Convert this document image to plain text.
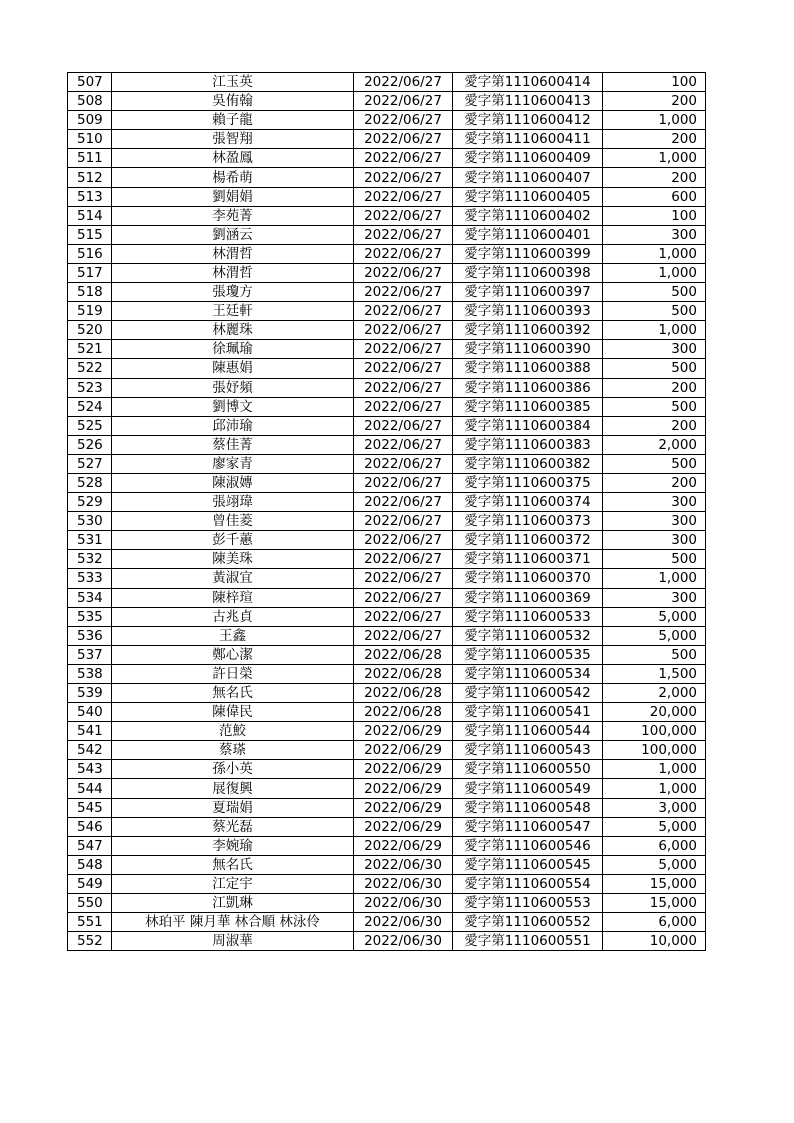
507	江玉英	2022/06/27	愛字第1110600414	100
508	吳侑翰	2022/06/27	愛字第1110600413	200
509	賴子龍	2022/06/27	愛字第1110600412	1,000
510	張智翔	2022/06/27	愛字第1110600411	200
511	林盈鳳	2022/06/27	愛字第1110600409	1,000
512	楊希萌	2022/06/27	愛字第1110600407	200
513	劉娟娟	2022/06/27	愛字第1110600405	600
514	李苑菁	2022/06/27	愛字第1110600402	100
515	劉涵云	2022/06/27	愛字第1110600401	300
516	林渭哲	2022/06/27	愛字第1110600399	1,000
517	林渭哲	2022/06/27	愛字第1110600398	1,000
518	張瓊方	2022/06/27	愛字第1110600397	500
519	王廷軒	2022/06/27	愛字第1110600393	500
520	林麗珠	2022/06/27	愛字第1110600392	1,000
521	徐珮瑜	2022/06/27	愛字第1110600390	300
522	陳惠娟	2022/06/27	愛字第1110600388	500
523	張妤頻	2022/06/27	愛字第1110600386	200
524	劉博文	2022/06/27	愛字第1110600385	500
525	邱沛瑜	2022/06/27	愛字第1110600384	200
526	蔡佳菁	2022/06/27	愛字第1110600383	2,000
527	廖家青	2022/06/27	愛字第1110600382	500
528	陳淑嫥	2022/06/27	愛字第1110600375	200
529	張翊瑋	2022/06/27	愛字第1110600374	300
530	曾佳菱	2022/06/27	愛字第1110600373	300
531	彭千蕙	2022/06/27	愛字第1110600372	300
532	陳美珠	2022/06/27	愛字第1110600371	500
533	黃淑宜	2022/06/27	愛字第1110600370	1,000
534	陳梓瑄	2022/06/27	愛字第1110600369	300
535	古兆貞	2022/06/27	愛字第1110600533	5,000
536	王鑫	2022/06/27	愛字第1110600532	5,000
537	鄭心潔	2022/06/28	愛字第1110600535	500
538	許日榮	2022/06/28	愛字第1110600534	1,500
539	無名氏	2022/06/28	愛字第1110600542	2,000
540	陳偉民	2022/06/28	愛字第1110600541	20,000
541	范鮫	2022/06/29	愛字第1110600544	100,000
542	蔡瑹	2022/06/29	愛字第1110600543	100,000
543	孫小英	2022/06/29	愛字第1110600550	1,000
544	展復興	2022/06/29	愛字第1110600549	1,000
545	夏瑞娟	2022/06/29	愛字第1110600548	3,000
546	蔡光磊	2022/06/29	愛字第1110600547	5,000
547	李婉瑜	2022/06/29	愛字第1110600546	6,000
548	無名氏	2022/06/30	愛字第1110600545	5,000
549	江定宇	2022/06/30	愛字第1110600554	15,000
550	江凱琳	2022/06/30	愛字第1110600553	15,000
551	林珀平 陳月華 林合順 林泳伶	2022/06/30	愛字第1110600552	6,000
552	周淑華	2022/06/30	愛字第1110600551	10,000
